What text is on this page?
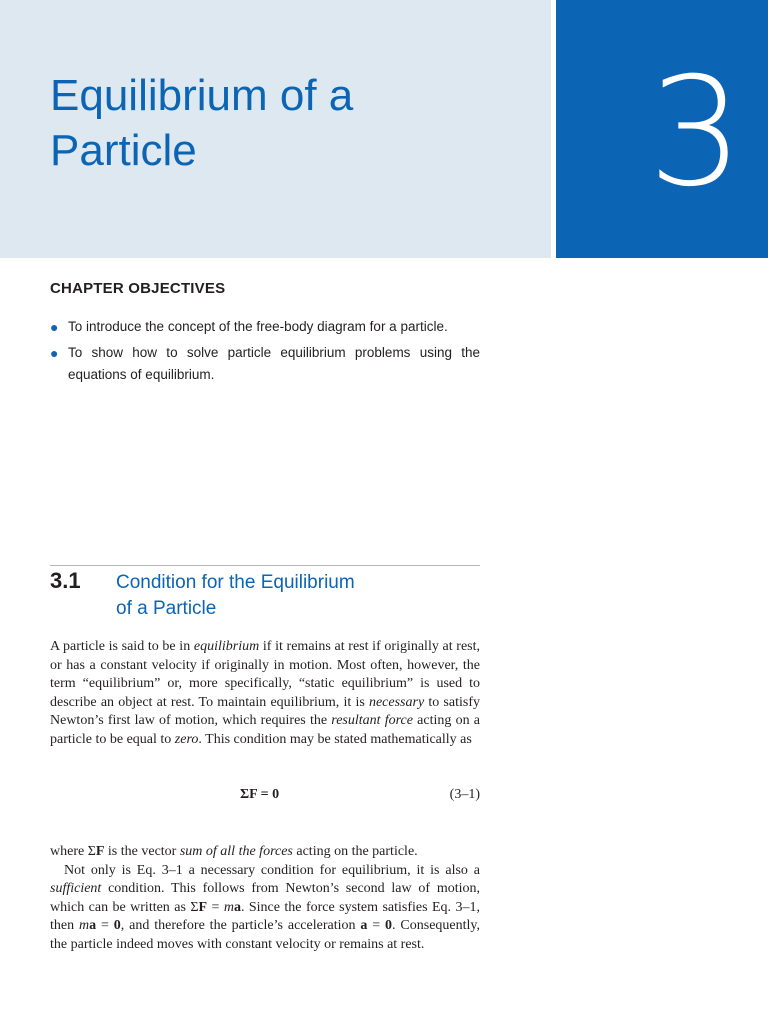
Equilibrium of a
Particle	3
CHAPTER OBJECTIVES
● To introduce the concept of the free-body diagram for a particle.
● To show how to solve particle equilibrium problems using the equations of equilibrium.
3.1 Condition for the Equilibrium
of a Particle
A particle is said to be in equilibrium if it remains at rest if originally at rest, or has a constant velocity if originally in motion. Most often, however, the term “equilibrium” or, more specifically, “static equilibrium” is used to describe an object at rest. To maintain equilibrium, it is necessary to satisfy Newton’s first law of motion, which requires the resultant force acting on a particle to be equal to zero. This condition may be stated mathematically as
ΣF = 0	(3–1)
where ΣF is the vector sum of all the forces acting on the particle.
Not only is Eq. 3–1 a necessary condition for equilibrium, it is also a sufficient condition. This follows from Newton’s second law of motion, which can be written as ΣF = ma. Since the force system satisfies Eq. 3–1, then ma = 0, and therefore the particle’s acceleration a = 0. Consequently, the particle indeed moves with constant velocity or remains at rest.
